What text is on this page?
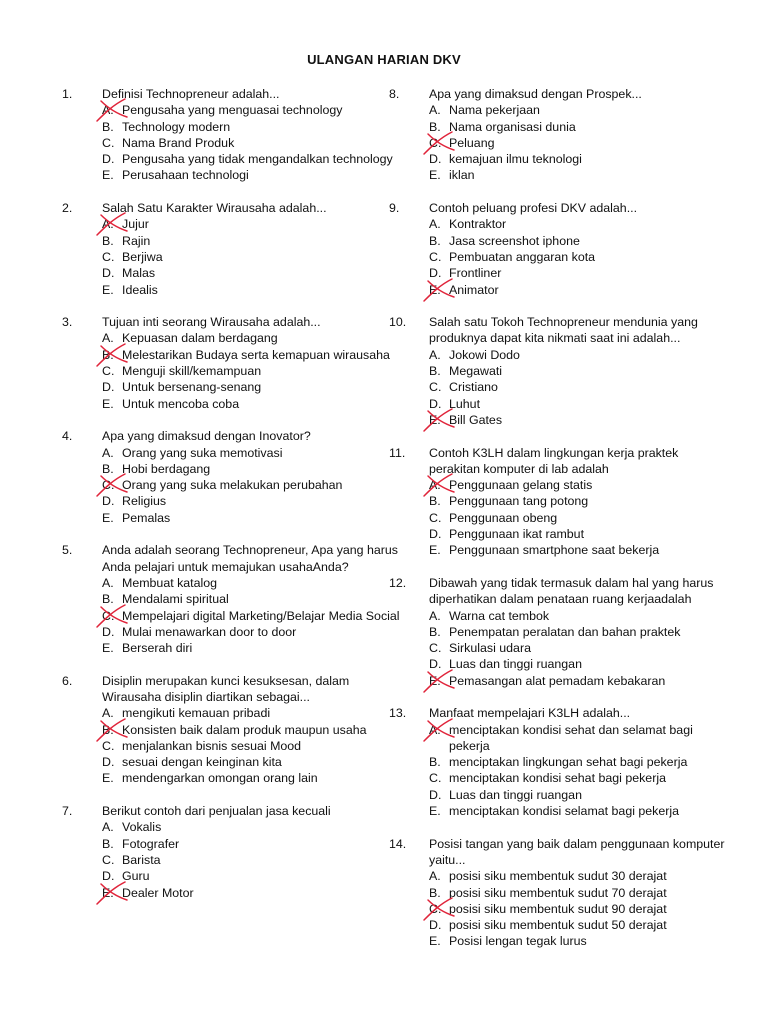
ULANGAN HARIAN DKV
1.	Definisi Technopreneur adalah...
A. Pengusaha yang menguasai technology
B. Technology modern
C. Nama Brand Produk
D. Pengusaha yang tidak mengandalkan technology
E. Perusahaan technologi
2.	Salah Satu Karakter Wirausaha adalah...
A. Jujur
B. Rajin
C. Berjiwa
D. Malas
E. Idealis
3.	Tujuan inti seorang Wirausaha adalah...
A. Kepuasan dalam berdagang
B. Melestarikan Budaya serta kemapuan wirausaha
C. Menguji skill/kemampuan
D. Untuk bersenang-senang
E. Untuk mencoba coba
4.	Apa yang dimaksud dengan Inovator?
A. Orang yang suka memotivasi
B. Hobi berdagang
C. Orang yang suka melakukan perubahan
D. Religius
E. Pemalas
5.	Anda adalah seorang Technopreneur, Apa yang harus Anda pelajari untuk memajukan usahaAnda?
A. Membuat katalog
B. Mendalami spiritual
C. Mempelajari digital Marketing/Belajar Media Social
D. Mulai menawarkan door to door
E. Berserah diri
6.	Disiplin merupakan kunci kesuksesan, dalam Wirausaha disiplin diartikan sebagai...
A. mengikuti kemauan pribadi
B. Konsisten baik dalam produk maupun usaha
C. menjalankan bisnis sesuai Mood
D. sesuai dengan keinginan kita
E. mendengarkan omongan orang lain
7.	Berikut contoh dari penjualan jasa kecuali
A. Vokalis
B. Fotografer
C. Barista
D. Guru
E. Dealer Motor
8.	Apa yang dimaksud dengan Prospek...
A. Nama pekerjaan
B. Nama organisasi dunia
C. Peluang
D. kemajuan ilmu teknologi
E. iklan
9.	Contoh peluang profesi DKV adalah...
A. Kontraktor
B. Jasa screenshot iphone
C. Pembuatan anggaran kota
D. Frontliner
E. Animator
10.	Salah satu Tokoh Technopreneur mendunia yang produknya dapat kita nikmati saat ini adalah...
A. Jokowi Dodo
B. Megawati
C. Cristiano
D. Luhut
E. Bill Gates
11.	Contoh K3LH dalam lingkungan kerja praktek perakitan komputer di lab adalah
A. Penggunaan gelang statis
B. Penggunaan tang potong
C. Penggunaan obeng
D. Penggunaan ikat rambut
E. Penggunaan smartphone saat bekerja
12.	Dibawah yang tidak termasuk dalam hal yang harus diperhatikan dalam penataan ruang kerjaadalah
A. Warna cat tembok
B. Penempatan peralatan dan bahan praktek
C. Sirkulasi udara
D. Luas dan tinggi ruangan
E. Pemasangan alat pemadam kebakaran
13.	Manfaat mempelajari K3LH adalah...
A. menciptakan kondisi sehat dan selamat bagi pekerja
B. menciptakan lingkungan sehat bagi pekerja
C. menciptakan kondisi sehat bagi pekerja
D. Luas dan tinggi ruangan
E. menciptakan kondisi selamat bagi pekerja
14.	Posisi tangan yang baik dalam penggunaan komputer yaitu...
A. posisi siku membentuk sudut 30 derajat
B. posisi siku membentuk sudut 70 derajat
C. posisi siku membentuk sudut 90 derajat
D. posisi siku membentuk sudut 50 derajat
E. Posisi lengan tegak lurus
